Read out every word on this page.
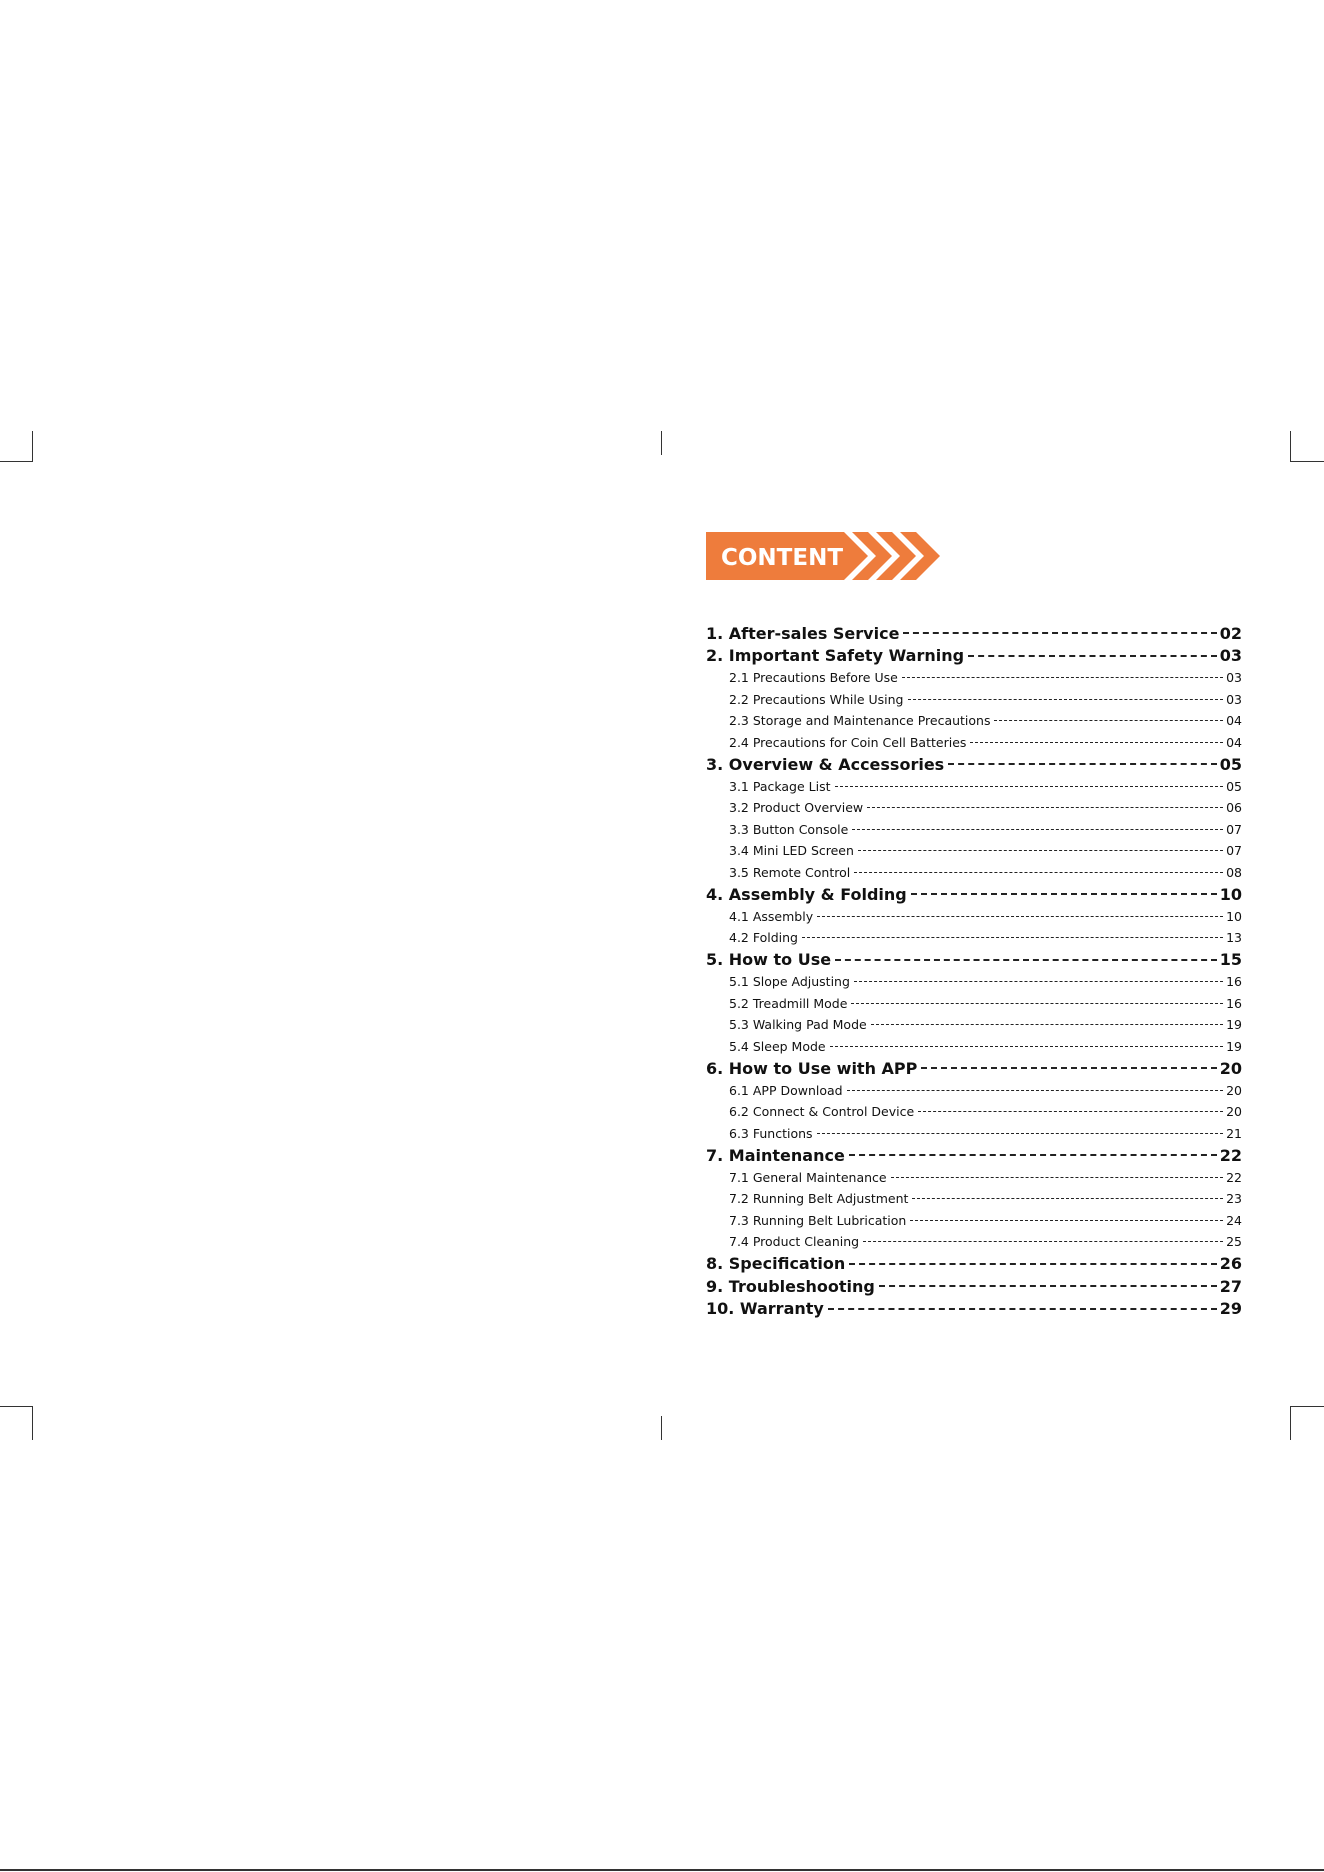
CONTENT
1. After-sales Service	02
2. Important Safety Warning	03
2.1 Precautions Before Use	03
2.2 Precautions While Using	03
2.3 Storage and Maintenance Precautions	04
2.4 Precautions for Coin Cell Batteries	04
3. Overview & Accessories	05
3.1 Package List	05
3.2 Product Overview	06
3.3 Button Console	07
3.4 Mini LED Screen	07
3.5 Remote Control	08
4. Assembly & Folding	10
4.1 Assembly	10
4.2 Folding	13
5. How to Use	15
5.1 Slope Adjusting	16
5.2 Treadmill Mode	16
5.3 Walking Pad Mode	19
5.4 Sleep Mode	19
6. How to Use with APP	20
6.1 APP Download	20
6.2 Connect & Control Device	20
6.3 Functions	21
7. Maintenance	22
7.1 General Maintenance	22
7.2 Running Belt Adjustment	23
7.3 Running Belt Lubrication	24
7.4 Product Cleaning	25
8. Specification	26
9. Troubleshooting	27
10. Warranty	29
